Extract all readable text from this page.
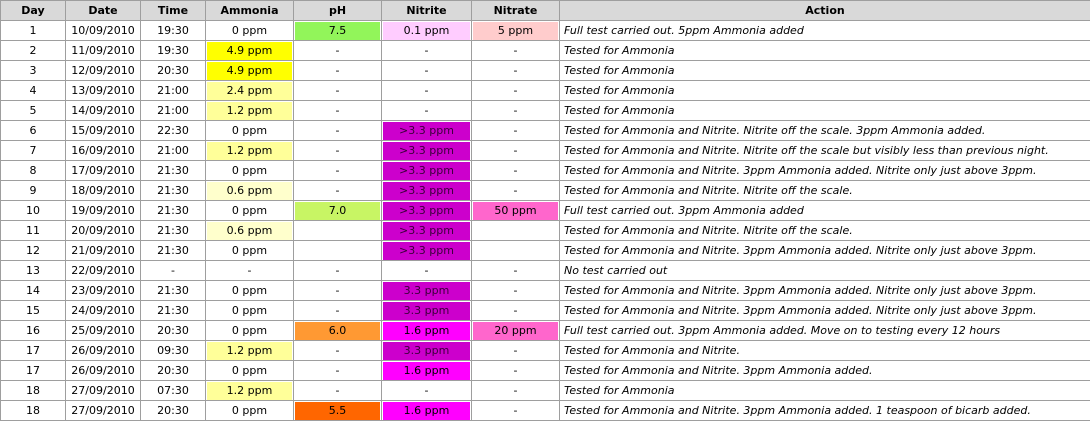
Day	Date	Time	Ammonia	pH	Nitrite	Nitrate	Action

1	10/09/2010	19:30	0 ppm	7.5	0.1 ppm	5 ppm	Full test carried out. 5ppm Ammonia added

2	11/09/2010	19:30	4.9 ppm	-	-	-	Tested for Ammonia

3	12/09/2010	20:30	4.9 ppm	-	-	-	Tested for Ammonia

4	13/09/2010	21:00	2.4 ppm	-	-	-	Tested for Ammonia

5	14/09/2010	21:00	1.2 ppm	-	-	-	Tested for Ammonia

6	15/09/2010	22:30	0 ppm	-	>3.3 ppm	-	Tested for Ammonia and Nitrite. Nitrite off the scale. 3ppm Ammonia added.

7	16/09/2010	21:00	1.2 ppm	-	>3.3 ppm	-	Tested for Ammonia and Nitrite. Nitrite off the scale but visibly less than previous night.

8	17/09/2010	21:30	0 ppm	-	>3.3 ppm	-	Tested for Ammonia and Nitrite. 3ppm Ammonia added. Nitrite only just above 3ppm.

9	18/09/2010	21:30	0.6 ppm	-	>3.3 ppm	-	Tested for Ammonia and Nitrite. Nitrite off the scale.

10	19/09/2010	21:30	0 ppm	7.0	>3.3 ppm	50 ppm	Full test carried out. 3ppm Ammonia added

11	20/09/2010	21:30	0.6 ppm		>3.3 ppm		Tested for Ammonia and Nitrite. Nitrite off the scale.

12	21/09/2010	21:30	0 ppm		>3.3 ppm		Tested for Ammonia and Nitrite. 3ppm Ammonia added. Nitrite only just above 3ppm.

13	22/09/2010	-	-	-	-	-	No test carried out

14	23/09/2010	21:30	0 ppm	-	3.3 ppm	-	Tested for Ammonia and Nitrite. 3ppm Ammonia added. Nitrite only just above 3ppm.

15	24/09/2010	21:30	0 ppm	-	3.3 ppm	-	Tested for Ammonia and Nitrite. 3ppm Ammonia added. Nitrite only just above 3ppm.

16	25/09/2010	20:30	0 ppm	6.0	1.6 ppm	20 ppm	Full test carried out. 3ppm Ammonia added. Move on to testing every 12 hours

17	26/09/2010	09:30	1.2 ppm	-	3.3 ppm	-	Tested for Ammonia and Nitrite.

17	26/09/2010	20:30	0 ppm	-	1.6 ppm	-	Tested for Ammonia and Nitrite. 3ppm Ammonia added.

18	27/09/2010	07:30	1.2 ppm	-	-	-	Tested for Ammonia

18	27/09/2010	20:30	0 ppm	5.5	1.6 ppm	-	Tested for Ammonia and Nitrite. 3ppm Ammonia added. 1 teaspoon of bicarb added.
